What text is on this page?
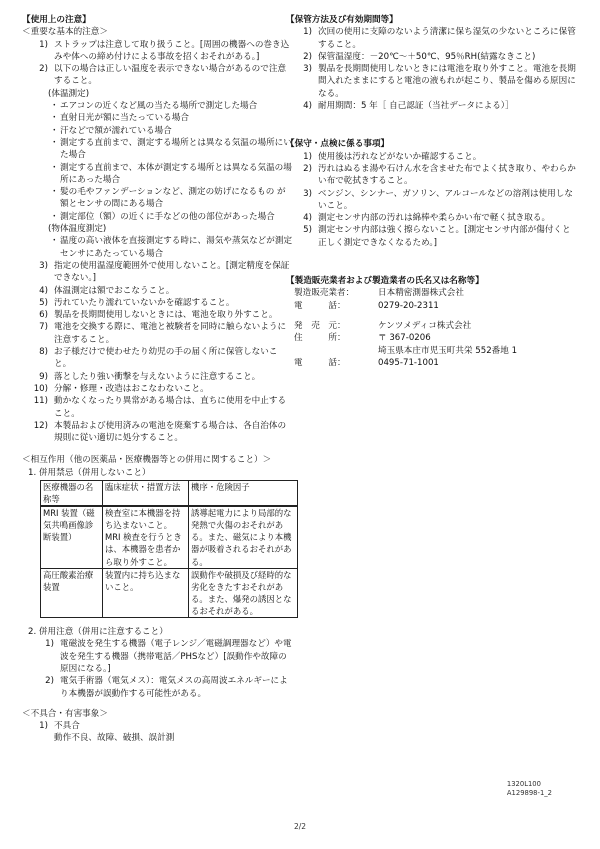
【使用上の注意】
＜重要な基本的注意＞
1) ストラップは注意して取り扱うこと。[周囲の機器への巻き込みや体への締め付けによる事故を招くおそれがある。]
2) 以下の場合は正しい温度を表示できない場合があるので注意すること。
(体温測定)
・ エアコンの近くなど風の当たる場所で測定した場合
・ 直射日光が額に当たっている場合
・ 汗などで額が濡れている場合
・ 測定する直前まで、測定する場所とは異なる気温の場所にいた場合
・ 測定する直前まで、本体が測定する場所とは異なる気温の場所にあった場合
・ 髪の毛やファンデーションなど、測定の妨げになるもの が額とセンサの間にある場合
・ 測定部位（額）の近くに手などの他の部位があった場合
(物体温度測定)
・ 温度の高い液体を直接測定する時に、湯気や蒸気などが測定センサにあたっている場合
3) 指定の使用温湿度範囲外で使用しないこと。[測定精度を保証できない。]
4) 体温測定は額でおこなうこと。
5) 汚れていたり濡れていないかを確認すること。
6) 製品を長期間使用しないときには、電池を取り外すこと。
7) 電池を交換する際に、電池と被験者を同時に触らないように注意すること。
8) お子様だけで使わせたり幼児の手の届く所に保管しないこと。
9) 落としたり強い衝撃を与えないように注意すること。
10) 分解・修理・改造はおこなわないこと。
11) 動かなくなったり異常がある場合は、直ちに使用を中止すること。
12) 本製品および使用済みの電池を廃棄する場合は、各自治体の規則に従い適切に処分すること。
＜相互作用（他の医薬品・医療機器等との併用に関すること）＞
1. 併用禁忌（併用しないこと）
医療機器の名称等	臨床症状・措置方法	機序・危険因子
MRI 装置（磁気共鳴画像診断装置）	検査室に本機器を持ち込まないこと。MRI 検査を行うときは、本機器を患者から取り外すこと。	誘導起電力により局部的な発熱で火傷のおそれがある。また、磁気により本機器が吸着されるおそれがある。
高圧酸素治療装置	装置内に持ち込まないこと。	誤動作や破損及び経時的な劣化をきたすおそれがある。また、爆発の誘因となるおそれがある。
2. 併用注意（併用に注意すること）
1) 電磁波を発生する機器（電子レンジ／電磁調理器など）や電波を発生する機器（携帯電話／PHSなど）[誤動作や故障の原因になる。]
2) 電気手術器（電気メス）：電気メスの高周波エネルギーにより本機器が誤動作する可能性がある。
＜不具合・有害事象＞
1) 不具合
動作不良、故障、破損、誤計測
【保管方法及び有効期間等】
1) 次回の使用に支障のないよう清潔に保ち湿気の少ないところに保管すること。
2) 保管温湿度：－20℃～＋50℃、95％RH(結露なきこと)
3) 製品を長期間使用しないときには電池を取り外すこと。電池を長期間入れたままにすると電池の液もれが起こり、製品を傷める原因になる。
4) 耐用期間：5 年［ 自己認証（当社データによる）］
【保守・点検に係る事項】
1) 使用後は汚れなどがないか確認すること。
2) 汚れはぬるま湯や石けん水を含ませた布でよく拭き取り、やわらかい布で乾拭きすること。
3) ベンジン、シンナー、ガソリン、アルコールなどの溶剤は使用しないこと。
4) 測定センサ内部の汚れは綿棒や柔らかい布で軽く拭き取る。
5) 測定センサ内部は強く擦らないこと。[測定センサ内部が傷付くと正しく測定できなくなるため。]
【製造販売業者および製造業者の氏名又は名称等】
製造販売業者：	日本精密測器株式会社
電　　　話：	0279-20-2311
発　売　元：	ケンツメディコ株式会社
住　　　所：	〒 367-0206
埼玉県本庄市児玉町共栄 552番地 1
電　　　話：	0495-71-1001
1320L100
A129898-1_2
2/2
